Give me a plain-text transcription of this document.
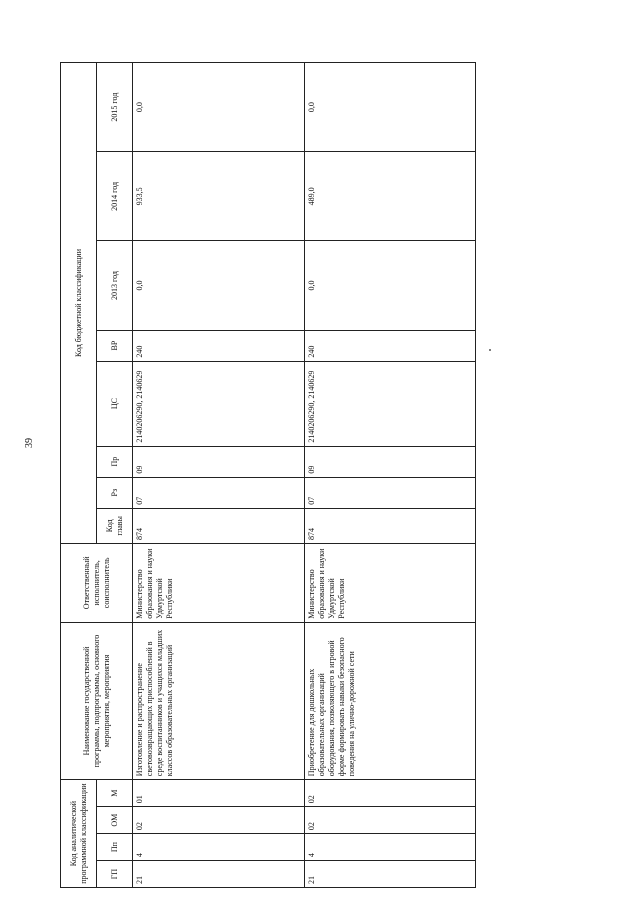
39
Код аналитической программной классификации				Наименование государственной программы, подпрограммы, основного мероприятия, мероприятия	Ответственный исполнитель, соисполнитель	Код бюджетной классификации							
ГП	Пп	ОМ	М			Код главы	Рз	Пр	ЦС	ВР	2013 год	2014 год	2015 год
21	4	02	01	Изготовление и распространение световозвращающих приспособлений в среде воспитанников и учащихся младших классов образовательных организаций	Министерство образования и науки Удмуртской Республики	874	07	09	2140206290, 2140629	240	0,0	933,5	0,0
21	4	02	02	Приобретение для дошкольных образовательных организаций оборудования, позволяющего в игровой форме формировать навыки безопасного поведения на улично-дорожной сети	Министерство образования и науки Удмуртской Республики	874	07	09	2140206290, 2140629	240	0,0	489,0	0,0
